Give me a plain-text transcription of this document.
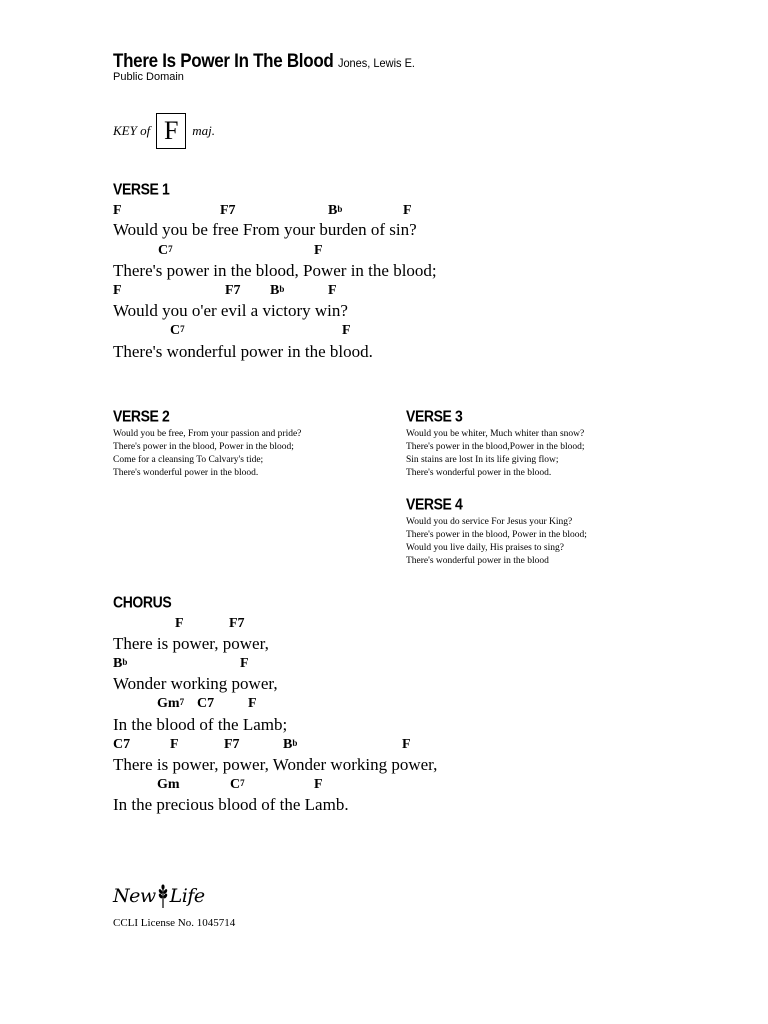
There Is Power In The Blood Jones, Lewis E.
Public Domain
KEY of F	maj.
VERSE 1
F	F7	$B^b$	F
Would you be free From your burden of sin?
$C^7$	F
There's power in the blood, Power in the blood;
F	F7 $B^b$	F
Would you o'er evil a victory win?
$C^7$	F
There's wonderful power in the blood.
VERSE 2
Would you be free, From your passion and pride?
There's power in the blood, Power in the blood;
Come for a cleansing To Calvary's tide;
There's wonderful power in the blood.
VERSE 3
Would you be whiter, Much whiter than snow?
There's power in the blood,Power in the blood;
Sin stains are lost In its life giving flow;
There's wonderful power in the blood.
VERSE 4
Would you do service For Jesus your King?
There's power in the blood, Power in the blood;
Would you live daily, His praises to sing?
There's wonderful power in the blood
CHORUS
F	F7
There is power, power,
$B^b$	F
Wonder working power,
Gm$^7$ C7 F
In the blood of the Lamb;
C7	F	F7	$B^b$	F
There is power, power, Wonder working power,
Gm	$C^7$	F
In the precious blood of the Lamb.
New Life
CCLI License No. 1045714
